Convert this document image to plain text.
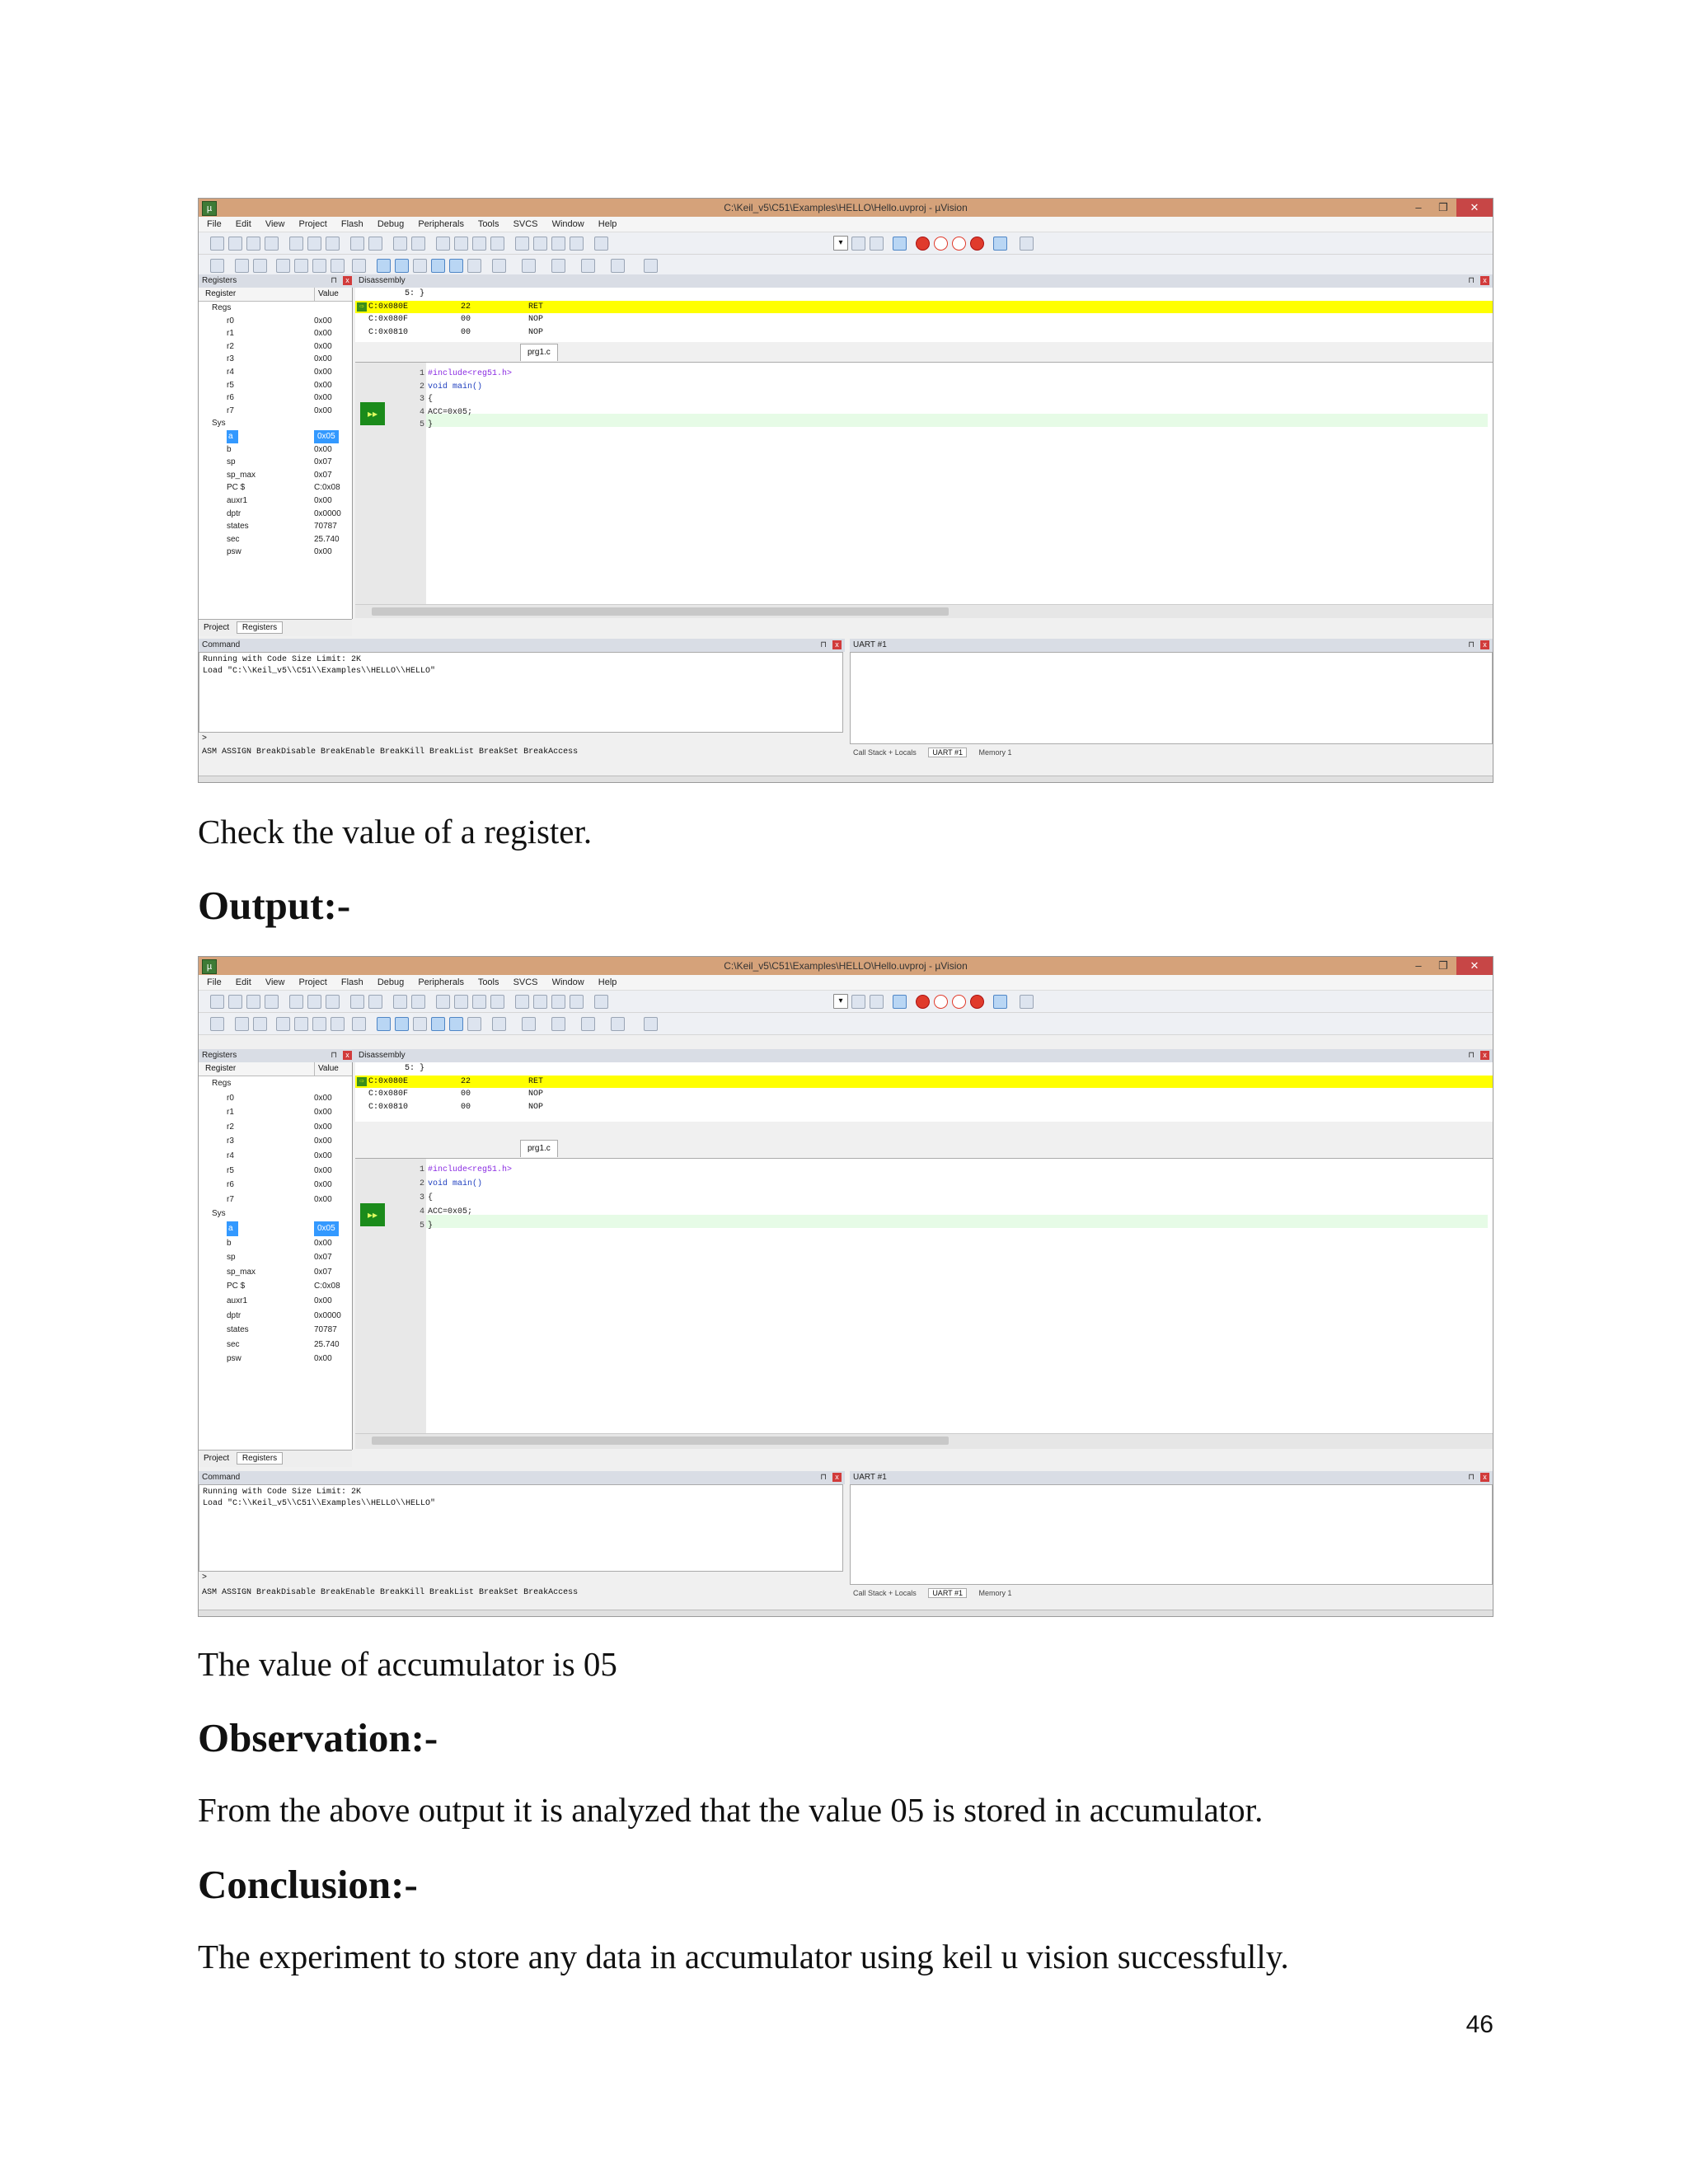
µ	C:\Keil_v5\C51\Examples\HELLO\Hello.uvproj - µVision	–	❐	✕
File Edit View Project Flash Debug Peripherals Tools SVCS Window Help
▾
Registers	⊓	x
Register	Value
Regs
r0	0x00
r1	0x00
r2	0x00
r3	0x00
r4	0x00
r5	0x00
r6	0x00
r7	0x00
Sys
a	0x05
b	0x00
sp	0x07
sp_max	0x07
PC $	C:0x08
auxr1	0x00
dptr	0x0000
states	70787
sec	25.740
psw	0x00
Project Registers
Disassembly	⊓	x
5: }
⇨ C:0x080E	22	RET
C:0x080F	00	NOP
C:0x0810	00	NOP
prg1.c
▸▸
1 #include<reg51.h>
2 void main()
3 {
4 ACC=0x05;
5 }
Command	⊓	x
Running with Code Size Limit: 2K
Load "C:\\Keil_v5\\C51\\Examples\\HELLO\\HELLO"
>
ASM ASSIGN BreakDisable BreakEnable BreakKill BreakList BreakSet BreakAccess
UART #1	⊓	x
Call Stack + Locals UART #1 Memory 1
Check the value of a register.
Output:-
µ	C:\Keil_v5\C51\Examples\HELLO\Hello.uvproj - µVision	–	❐	✕
File Edit View Project Flash Debug Peripherals Tools SVCS Window Help
▾
Registers	⊓	x
Register	Value
Regs
r0	0x00
r1	0x00
r2	0x00
r3	0x00
r4	0x00
r5	0x00
r6	0x00
r7	0x00
Sys
a	0x05
b	0x00
sp	0x07
sp_max	0x07
PC $	C:0x08
auxr1	0x00
dptr	0x0000
states	70787
sec	25.740
psw	0x00
Project Registers
Disassembly	⊓	x
5: }
⇨ C:0x080E	22	RET
C:0x080F	00	NOP
C:0x0810	00	NOP
prg1.c
▸▸
1 #include<reg51.h>
2 void main()
3 {
4 ACC=0x05;
5 }
Command	⊓	x
Running with Code Size Limit: 2K
Load "C:\\Keil_v5\\C51\\Examples\\HELLO\\HELLO"
>
ASM ASSIGN BreakDisable BreakEnable BreakKill BreakList BreakSet BreakAccess
UART #1	⊓	x
Call Stack + Locals UART #1 Memory 1
The value of accumulator is 05
Observation:-
From the above output it is analyzed that the value 05 is stored in accumulator.
Conclusion:-
The experiment to store any data in accumulator using keil u vision successfully.
46
